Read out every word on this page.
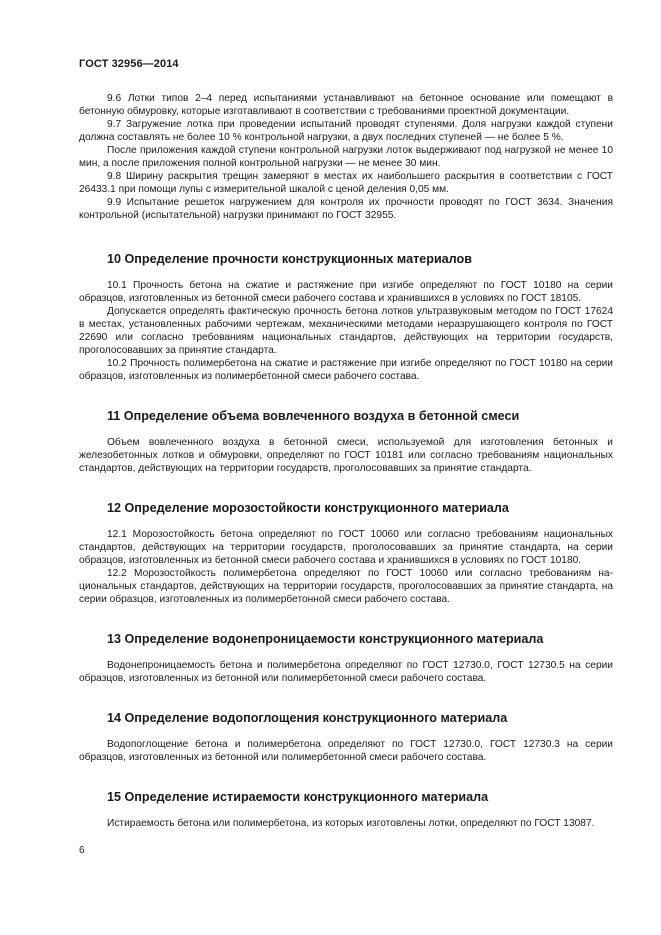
ГОСТ 32956—2014

9.6 Лотки типов 2–4 перед испытаниями устанавливают на бетонное основание или помещают в бетонную обмуровку, которые изготавливают в соответствии с требованиями проектной документации.

9.7 Загружение лотка при проведении испытаний проводят ступенями. Доля нагрузки каждой ступени должна составлять не более 10 % контрольной нагрузки, а двух последних ступеней — не более 5 %.

После приложения каждой ступени контрольной нагрузки лоток выдерживают под нагрузкой не менее 10 мин, а после приложения полной контрольной нагрузки — не менее 30 мин.

9.8 Ширину раскрытия трещин замеряют в местах их наибольшего раскрытия в соответствии с ГОСТ 26433.1 при помощи лупы с измерительной шкалой с ценой деления 0,05 мм.

9.9 Испытание решеток нагружением для контроля их прочности проводят по ГОСТ 3634. Значения контрольной (испытательной) нагрузки принимают по ГОСТ 32955.

10 Определение прочности конструкционных материалов

10.1 Прочность бетона на сжатие и растяжение при изгибе определяют по ГОСТ 10180 на серии образцов, изготовленных из бетонной смеси рабочего состава и хранившихся в условиях по ГОСТ 18105.

Допускается определять фактическую прочность бетона лотков ультразвуковым методом по ГОСТ 17624 в местах, установленных рабочими чертежам, механическими методами неразрушающего контроля по ГОСТ 22690 или согласно требованиям национальных стандартов, действующих на территории государств, проголосовавших за принятие стандарта.

10.2 Прочность полимербетона на сжатие и растяжение при изгибе определяют по ГОСТ 10180 на серии образцов, изготовленных из полимербетонной смеси рабочего состава.

11 Определение объема вовлеченного воздуха в бетонной смеси

Объем вовлеченного воздуха в бетонной смеси, используемой для изготовления бетонных и железобетонных лотков и обмуровки, определяют по ГОСТ 10181 или согласно требованиям национальных стандартов, действующих на территории государств, проголосовавших за принятие стандарта.

12 Определение морозостойкости конструкционного материала

12.1 Морозостойкость бетона определяют по ГОСТ 10060 или согласно требованиям национальных стандартов, действующих на территории государств, проголосовавших за принятие стандарта, на серии образцов, изготовленных из бетонной смеси рабочего состава и хранившихся в условиях по ГОСТ 10180.

12.2 Морозостойкость полимербетона определяют по ГОСТ 10060 или согласно требованиям национальных стандартов, действующих на территории государств, проголосовавших за принятие стандарта, на серии образцов, изготовленных из полимербетонной смеси рабочего состава.

13 Определение водонепроницаемости конструкционного материала

Водонепроницаемость бетона и полимербетона определяют по ГОСТ 12730.0, ГОСТ 12730.5 на серии образцов, изготовленных из бетонной или полимербетонной смеси рабочего состава.

14 Определение водопоглощения конструкционного материала

Водопоглощение бетона и полимербетона определяют по ГОСТ 12730.0, ГОСТ 12730.3 на серии образцов, изготовленных из бетонной или полимербетонной смеси рабочего состава.

15 Определение истираемости конструкционного материала

Истираемость бетона или полимербетона, из которых изготовлены лотки, определяют по ГОСТ 13087.

6
